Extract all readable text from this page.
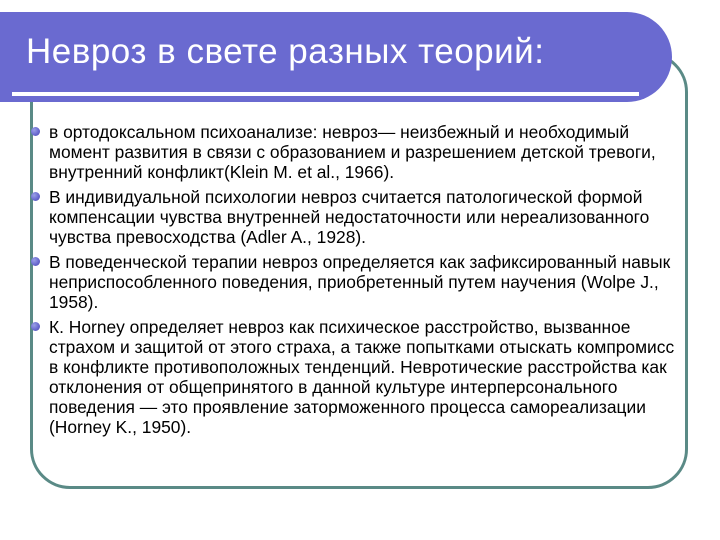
Невроз в свете разных теорий:
в ортодоксальном психоанализе: невроз— неизбежный и необходимый момент развития в связи с образованием и разрешением детской тревоги, внутренний конфликт(Klein M. et al., 1966).
В индивидуальной психологии невроз считается патологической формой компенсации чувства внутренней недостаточности или нереализованного чувства превосходства (Adler A., 1928).
В поведенческой терапии невроз определяется как зафиксированный навык неприспособленного поведения, приобретенный путем научения (Wolpe J., 1958).
К. Horney определяет невроз как психическое расстройство, вызванное страхом и защитой от этого страха, а также попытками отыскать компромисс в конфликте противоположных тенденций. Невротические расстройства как отклонения от общепринятого в данной культуре интерперсонального поведения — это проявление заторможенного процесса самореализации (Horney K., 1950).
